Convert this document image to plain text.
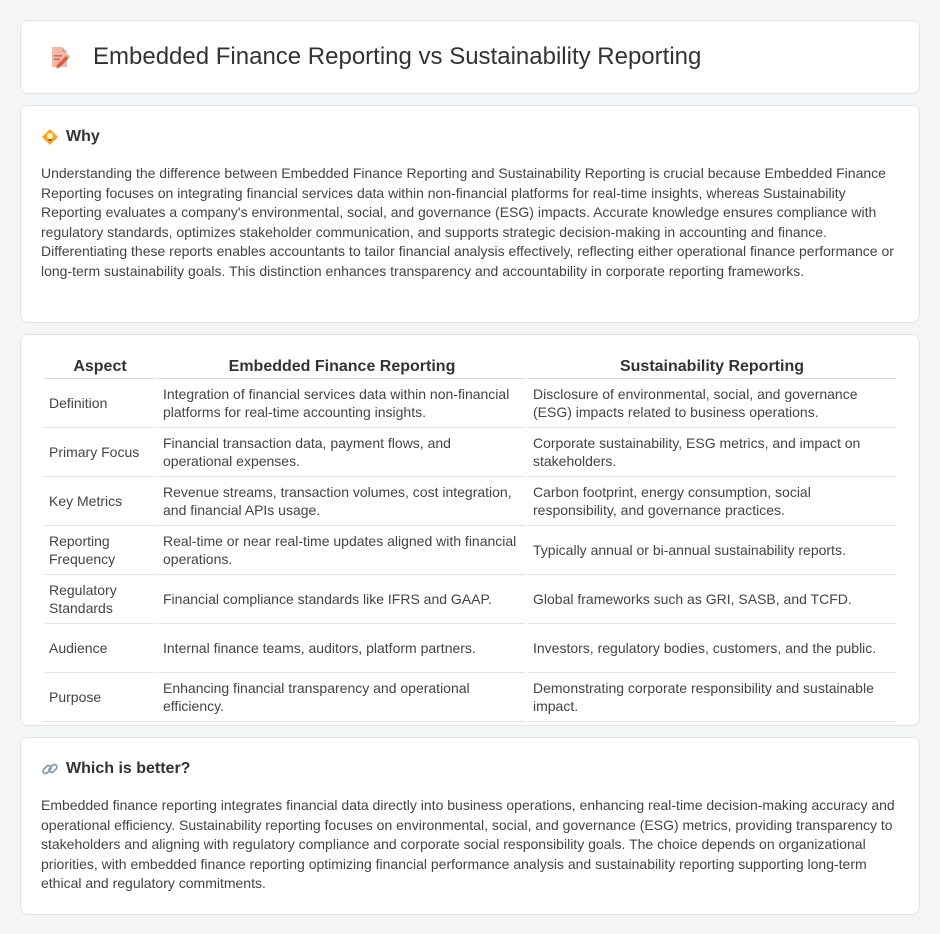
Embedded Finance Reporting vs Sustainability Reporting
Why

Understanding the difference between Embedded Finance Reporting and Sustainability Reporting is crucial because Embedded Finance Reporting focuses on integrating financial services data within non-financial platforms for real-time insights, whereas Sustainability Reporting evaluates a company's environmental, social, and governance (ESG) impacts. Accurate knowledge ensures compliance with regulatory standards, optimizes stakeholder communication, and supports strategic decision-making in accounting and finance. Differentiating these reports enables accountants to tailor financial analysis effectively, reflecting either operational finance performance or long-term sustainability goals. This distinction enhances transparency and accountability in corporate reporting frameworks.

Aspect	Embedded Finance Reporting	Sustainability Reporting
Definition	Integration of financial services data within non-financial platforms for real-time accounting insights.	Disclosure of environmental, social, and governance (ESG) impacts related to business operations.
Primary Focus	Financial transaction data, payment flows, and operational expenses.	Corporate sustainability, ESG metrics, and impact on stakeholders.
Key Metrics	Revenue streams, transaction volumes, cost integration, and financial APIs usage.	Carbon footprint, energy consumption, social responsibility, and governance practices.
Reporting Frequency	Real-time or near real-time updates aligned with financial operations.	Typically annual or bi-annual sustainability reports.
Regulatory Standards	Financial compliance standards like IFRS and GAAP.	Global frameworks such as GRI, SASB, and TCFD.
Audience	Internal finance teams, auditors, platform partners.	Investors, regulatory bodies, customers, and the public.
Purpose	Enhancing financial transparency and operational efficiency.	Demonstrating corporate responsibility and sustainable impact.
Which is better?

Embedded finance reporting integrates financial data directly into business operations, enhancing real-time decision-making accuracy and operational efficiency. Sustainability reporting focuses on environmental, social, and governance (ESG) metrics, providing transparency to stakeholders and aligning with regulatory compliance and corporate social responsibility goals. The choice depends on organizational priorities, with embedded finance reporting optimizing financial performance analysis and sustainability reporting supporting long-term ethical and regulatory commitments.
